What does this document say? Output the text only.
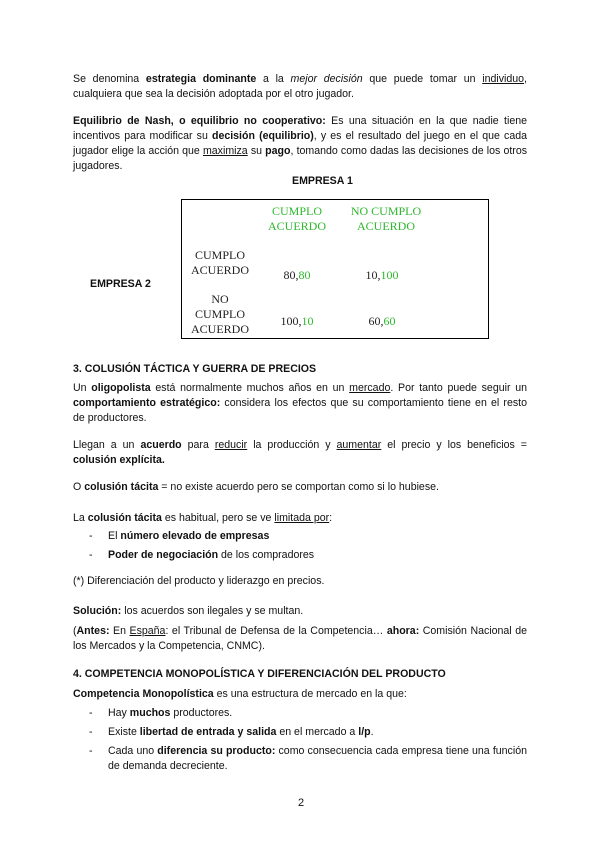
Se denomina estrategia dominante a la mejor decisión que puede tomar un individuo, cualquiera que sea la decisión adoptada por el otro jugador.

Equilibrio de Nash, o equilibrio no cooperativo: Es una situación en la que nadie tiene incentivos para modificar su decisión (equilibrio), y es el resultado del juego en el que cada jugador elige la acción que maximiza su pago, tomando como dadas las decisiones de los otros jugadores.

EMPRESA 1
EMPRESA 2
CUMPLO
ACUERDO
NO CUMPLO
ACUERDO
CUMPLO
ACUERDO
NO
CUMPLO
ACUERDO
80,80	10,100
100,10	60,60
3. COLUSIÓN TÁCTICA Y GUERRA DE PRECIOS

Un oligopolista está normalmente muchos años en un mercado. Por tanto puede seguir un comportamiento estratégico: considera los efectos que su comportamiento tiene en el resto de productores.

Llegan a un acuerdo para reducir la producción y aumentar el precio y los beneficios = colusión explícita.

O colusión tácita = no existe acuerdo pero se comportan como si lo hubiese.

La colusión tácita es habitual, pero se ve limitada por:

- El número elevado de empresas
- Poder de negociación de los compradores

(*) Diferenciación del producto y liderazgo en precios.

Solución: los acuerdos son ilegales y se multan.

(Antes: En España: el Tribunal de Defensa de la Competencia… ahora: Comisión Nacional de los Mercados y la Competencia, CNMC).

4. COMPETENCIA MONOPOLÍSTICA Y DIFERENCIACIÓN DEL PRODUCTO

Competencia Monopolística es una estructura de mercado en la que:

- Hay muchos productores.
- Existe libertad de entrada y salida en el mercado a l/p.
- Cada uno diferencia su producto: como consecuencia cada empresa tiene una función de demanda decreciente.
2
